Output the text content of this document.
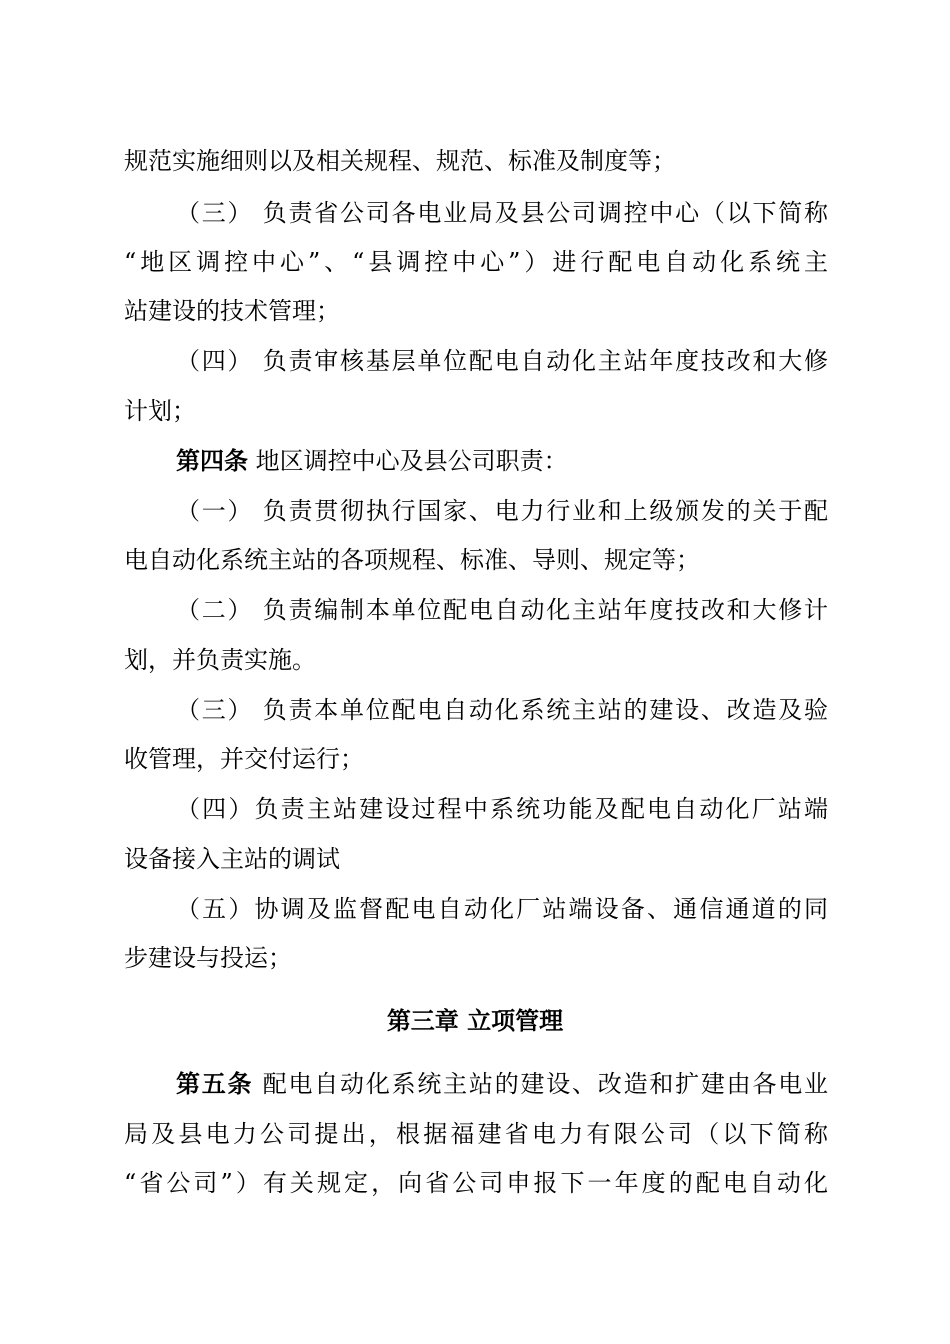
规范实施细则以及相关规程、规范、标准及制度等；
（三） 负责省公司各电业局及县公司调控中心（以下简称
“地区调控中心”、“县调控中心”）进行配电自动化系统主
站建设的技术管理；
（四） 负责审核基层单位配电自动化主站年度技改和大修
计划；
第四条 地区调控中心及县公司职责：
（一） 负责贯彻执行国家、电力行业和上级颁发的关于配
电自动化系统主站的各项规程、标准、导则、规定等；
（二） 负责编制本单位配电自动化主站年度技改和大修计
划，并负责实施。
（三） 负责本单位配电自动化系统主站的建设、改造及验
收管理，并交付运行；
（四）负责主站建设过程中系统功能及配电自动化厂站端
设备接入主站的调试
（五）协调及监督配电自动化厂站端设备、通信通道的同
步建设与投运；
第三章 立项管理
第五条 配电自动化系统主站的建设、改造和扩建由各电业
局及县电力公司提出，根据福建省电力有限公司（以下简称
“省公司”）有关规定，向省公司申报下一年度的配电自动化
